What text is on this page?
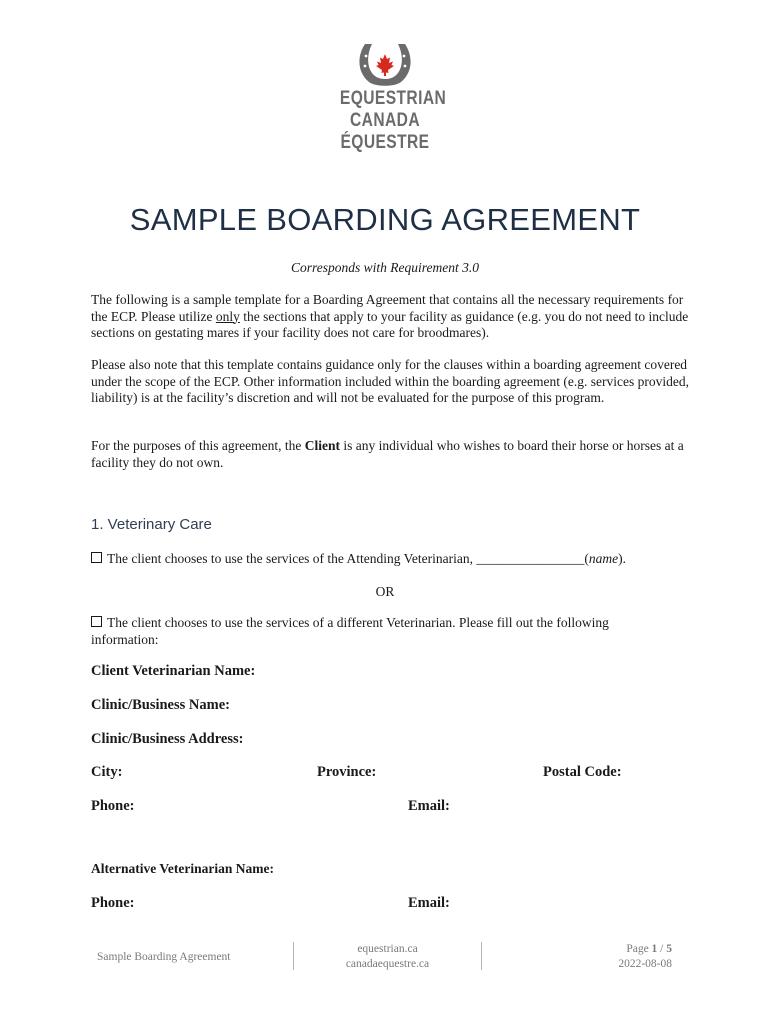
EQUESTRIAN
CANADA
ÉQUESTRE
SAMPLE BOARDING AGREEMENT
Corresponds with Requirement 3.0
The following is a sample template for a Boarding Agreement that contains all the necessary requirements for the ECP. Please utilize only the sections that apply to your facility as guidance (e.g. you do not need to include sections on gestating mares if your facility does not care for broodmares).
Please also note that this template contains guidance only for the clauses within a boarding agreement covered under the scope of the ECP. Other information included within the boarding agreement (e.g. services provided, liability) is at the facility’s discretion and will not be evaluated for the purpose of this program.
For the purposes of this agreement, the Client is any individual who wishes to board their horse or horses at a facility they do not own.
1. Veterinary Care
The client chooses to use the services of the Attending Veterinarian, ________________(name).
OR
The client chooses to use the services of a different Veterinarian. Please fill out the following information:
Client Veterinarian Name:
Clinic/Business Name:
Clinic/Business Address:
City:	Province:	Postal Code:
Phone:	Email:
Alternative Veterinarian Name:
Phone:	Email:
Sample Boarding Agreement
equestrian.ca
canadaequestre.ca
Page 1 / 5
2022-08-08
